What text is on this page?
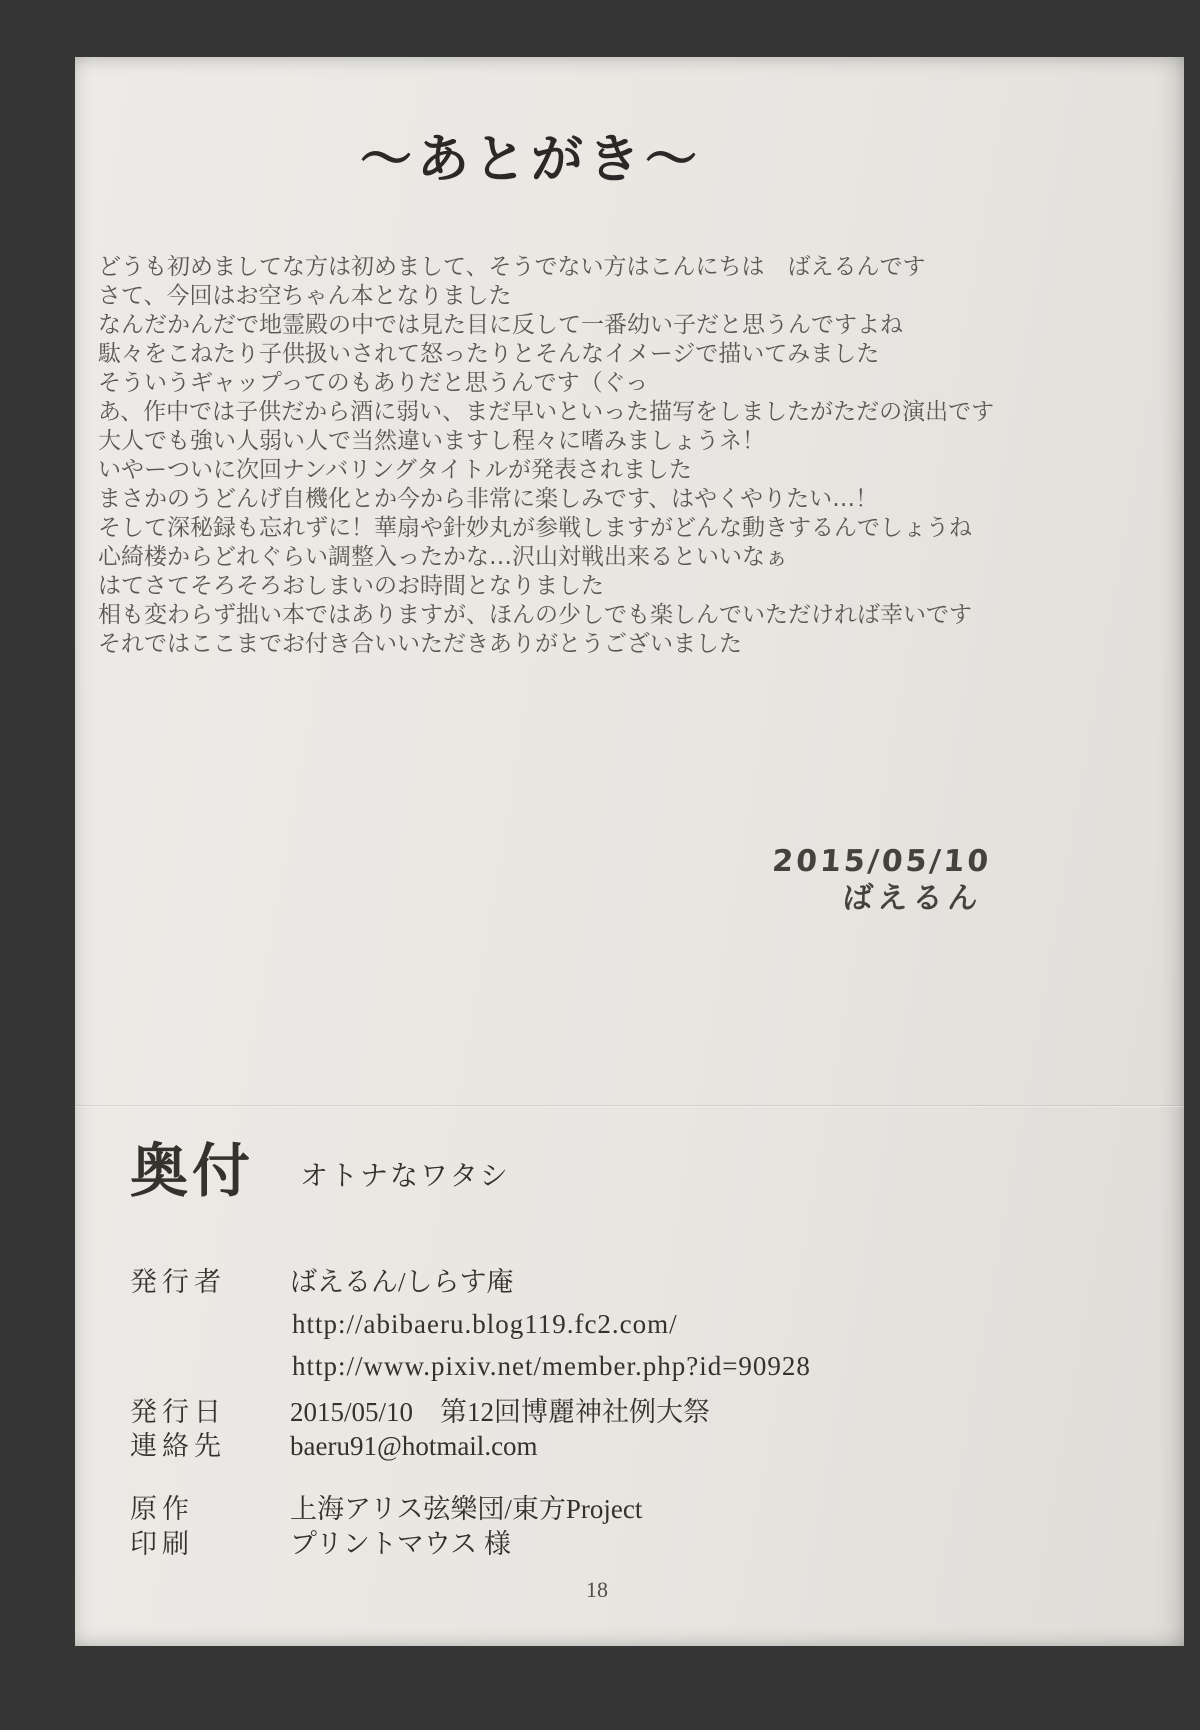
～あとがき～

どうも初めましてな方は初めまして、そうでない方はこんにちは　ばえるんです

さて、今回はお空ちゃん本となりました
なんだかんだで地霊殿の中では見た目に反して一番幼い子だと思うんですよね
駄々をこねたり子供扱いされて怒ったりとそんなイメージで描いてみました
そういうギャップってのもありだと思うんです（ぐっ
あ、作中では子供だから酒に弱い、まだ早いといった描写をしましたがただの演出です
大人でも強い人弱い人で当然違いますし程々に嗜みましょうネ！

いやーついに次回ナンバリングタイトルが発表されました
まさかのうどんげ自機化とか今から非常に楽しみです、はやくやりたい…！
そして深秘録も忘れずに！華扇や針妙丸が参戦しますがどんな動きするんでしょうね
心綺楼からどれぐらい調整入ったかな…沢山対戦出来るといいなぁ

はてさてそろそろおしまいのお時間となりました
相も変わらず拙い本ではありますが、ほんの少しでも楽しんでいただければ幸いです
それではここまでお付き合いいただきありがとうございました

2015/05/10
ばえるん
奥付 オトナなワタシ
発行者 ばえるん/しらす庵
http://abibaeru.blog119.fc2.com/
http://www.pixiv.net/member.php?id=90928
発行日 2015/05/10　第12回博麗神社例大祭
連絡先 baeru91@hotmail.com
原作	上海アリス弦樂団/東方Project
印刷	プリントマウス 様
18
